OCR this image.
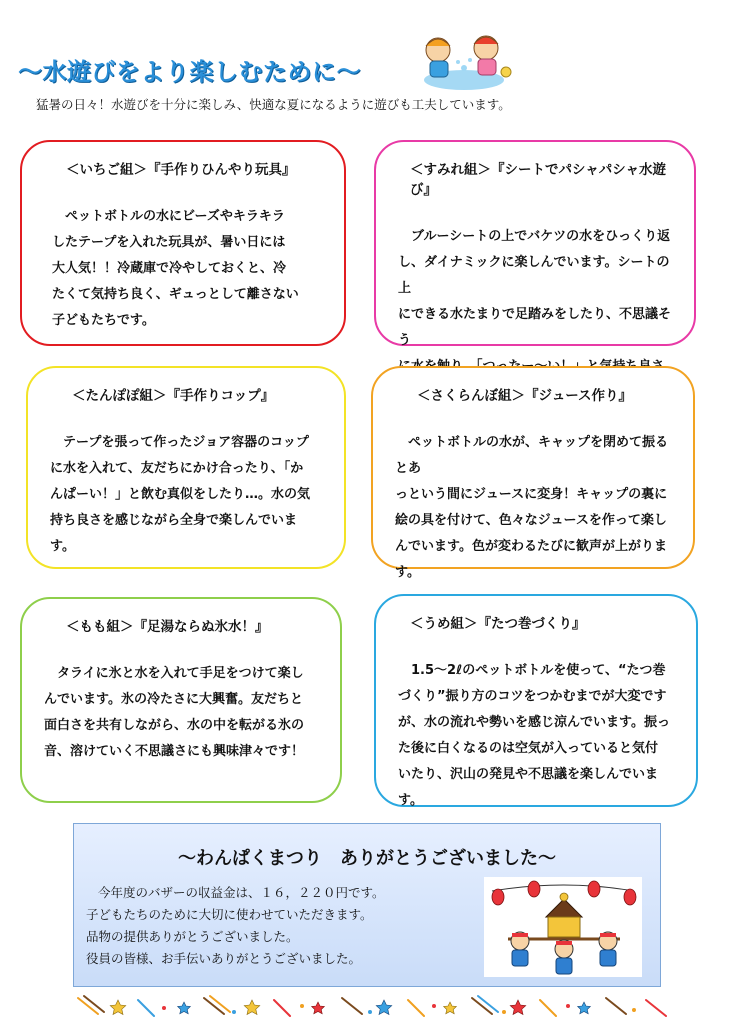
～水遊びをより楽しむために～
猛暑の日々！水遊びを十分に楽しみ、快適な夏になるように遊びも工夫しています。
＜いちご組＞『手作りひんやり玩具』
　ペットボトルの水にビーズやキラキラ
したテープを入れた玩具が、暑い日には
大人気！！冷蔵庫で冷やしておくと、冷
たくて気持ち良く、ギュっとして離さない
子どもたちです。
＜すみれ組＞『シートでパシャパシャ水遊び』
　ブルーシートの上でバケツの水をひっくり返
し、ダイナミックに楽しんでいます。シートの上
にできる水たまりで足踏みをしたり、不思議そう
＜たんぽぽ組＞『手作りコップ』
　テープを張って作ったジョア容器のコップ
に水を入れて、友だちにかけ合ったり、「か
んぱーい！」と飲む真似をしたり…。水の気
持ち良さを感じながら全身で楽しんでいま
す。
＜さくらんぼ組＞『ジュース作り』
　ペットボトルの水が、キャップを閉めて振るとあ
っという間にジュースに変身！キャップの裏に
絵の具を付けて、色々なジュースを作って楽し
んでいます。色が変わるたびに歓声が上がりま
す。
＜もも組＞『足湯ならぬ氷水！』
　タライに氷と水を入れて手足をつけて楽し
んでいます。氷の冷たさに大興奮。友だちと
面白さを共有しながら、水の中を転がる氷の
音、溶けていく不思議さにも興味津々です！
＜うめ組＞『たつ巻づくり』
　1.5～2ℓのペットボトルを使って、“たつ巻
づくり”振り方のコツをつかむまでが大変です
が、水の流れや勢いを感じ涼んでいます。振っ
た後に白くなるのは空気が入っていると気付
いたり、沢山の発見や不思議を楽しんでいま
す。
～わんぱくまつり　ありがとうございました～
今年度のバザーの収益金は、１６，２２０円です。
子どもたちのために大切に使わせていただきます。
品物の提供ありがとうございました。
役員の皆様、お手伝いありがとうございました。
